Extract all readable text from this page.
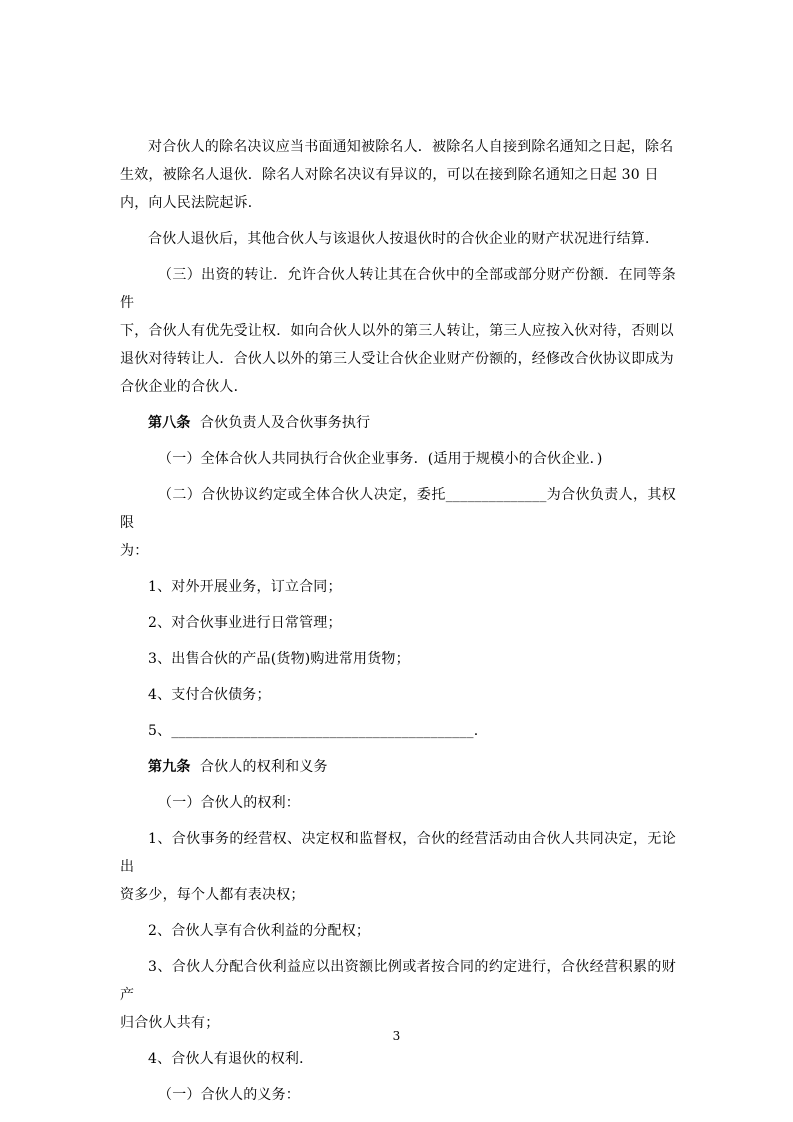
对合伙人的除名决议应当书面通知被除名人．被除名人自接到除名通知之日起，除名
生效，被除名人退伙．除名人对除名决议有异议的，可以在接到除名通知之日起 30 日
内，向人民法院起诉．

合伙人退伙后，其他合伙人与该退伙人按退伙时的合伙企业的财产状况进行结算．

（三）出资的转让．允许合伙人转让其在合伙中的全部或部分财产份额．在同等条件
下，合伙人有优先受让权．如向合伙人以外的第三人转让，第三人应按入伙对待，否则以
退伙对待转让人．合伙人以外的第三人受让合伙企业财产份额的，经修改合伙协议即成为
合伙企业的合伙人．

第八条 合伙负责人及合伙事务执行

（一）全体合伙人共同执行合伙企业事务．(适用于规模小的合伙企业．)

（二）合伙协议约定或全体合伙人决定，委托______________为合伙负责人，其权限
为：

1、对外开展业务，订立合同；

2、对合伙事业进行日常管理；

3、出售合伙的产品(货物)购进常用货物；

4、支付合伙债务；

5、__________________________________________.

第九条 合伙人的权利和义务

（一）合伙人的权利：

1、合伙事务的经营权、决定权和监督权，合伙的经营活动由合伙人共同决定，无论出
资多少，每个人都有表决权；

2、合伙人享有合伙利益的分配权；

3、合伙人分配合伙利益应以出资额比例或者按合同的约定进行，合伙经营积累的财产
归合伙人共有；

4、合伙人有退伙的权利．

（一）合伙人的义务：

3
